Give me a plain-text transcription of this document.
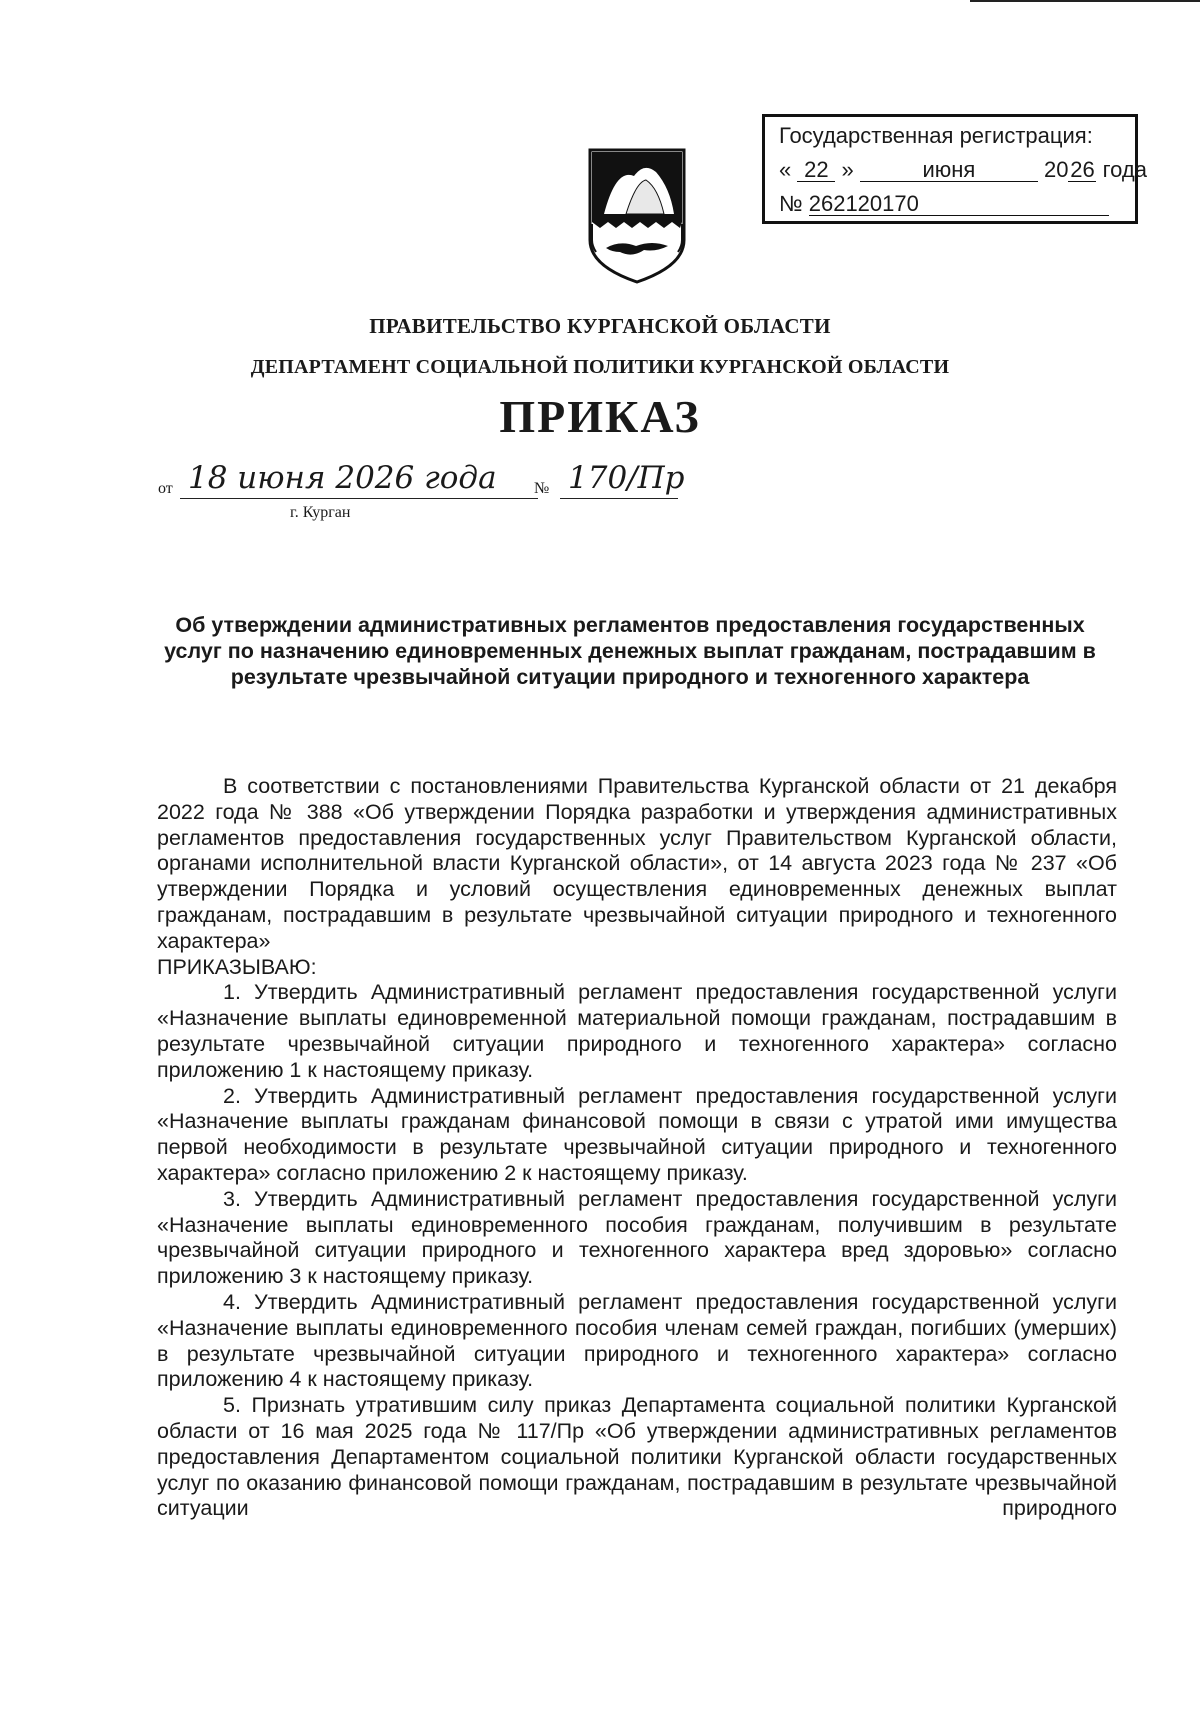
Государственная регистрация:
« 22 »	июня	2026 года
№ 262120170
ПРАВИТЕЛЬСТВО КУРГАНСКОЙ ОБЛАСТИ
ДЕПАРТАМЕНТ СОЦИАЛЬНОЙ ПОЛИТИКИ КУРГАНСКОЙ ОБЛАСТИ
ПРИКАЗ
от 18 июня 2026 года	№ 170/Пр
г. Курган
Об утверждении административных регламентов предоставления государственных услуг по назначению единовременных денежных выплат гражданам, пострадавшим в результате чрезвычайной ситуации природного и техногенного характера

В соответствии с постановлениями Правительства Курганской области от 21 декабря 2022 года № 388 «Об утверждении Порядка разработки и утверждения административных регламентов предоставления государственных услуг Правительством Курганской области, органами исполнительной власти Курганской области», от 14 августа 2023 года № 237 «Об утверждении Порядка и условий осуществления единовременных денежных выплат гражданам, пострадавшим в результате чрезвычайной ситуации природного и техногенного характера»

ПРИКАЗЫВАЮ:

1. Утвердить Административный регламент предоставления государственной услуги «Назначение выплаты единовременной материальной помощи гражданам, пострадавшим в результате чрезвычайной ситуации природного и техногенного характера» согласно приложению 1 к настоящему приказу.

2. Утвердить Административный регламент предоставления государственной услуги «Назначение выплаты гражданам финансовой помощи в связи с утратой ими имущества первой необходимости в результате чрезвычайной ситуации природного и техногенного характера» согласно приложению 2 к настоящему приказу.

3. Утвердить Административный регламент предоставления государственной услуги «Назначение выплаты единовременного пособия гражданам, получившим в результате чрезвычайной ситуации природного и техногенного характера вред здоровью» согласно приложению 3 к настоящему приказу.

4. Утвердить Административный регламент предоставления государственной услуги «Назначение выплаты единовременного пособия членам семей граждан, погибших (умерших) в результате чрезвычайной ситуации природного и техногенного характера» согласно приложению 4 к настоящему приказу.

5. Признать утратившим силу приказ Департамента социальной политики Курганской области от 16 мая 2025 года № 117/Пр «Об утверждении административных регламентов предоставления Департаментом социальной политики Курганской области государственных услуг по оказанию финансовой помощи гражданам, пострадавшим в результате чрезвычайной ситуации природного
